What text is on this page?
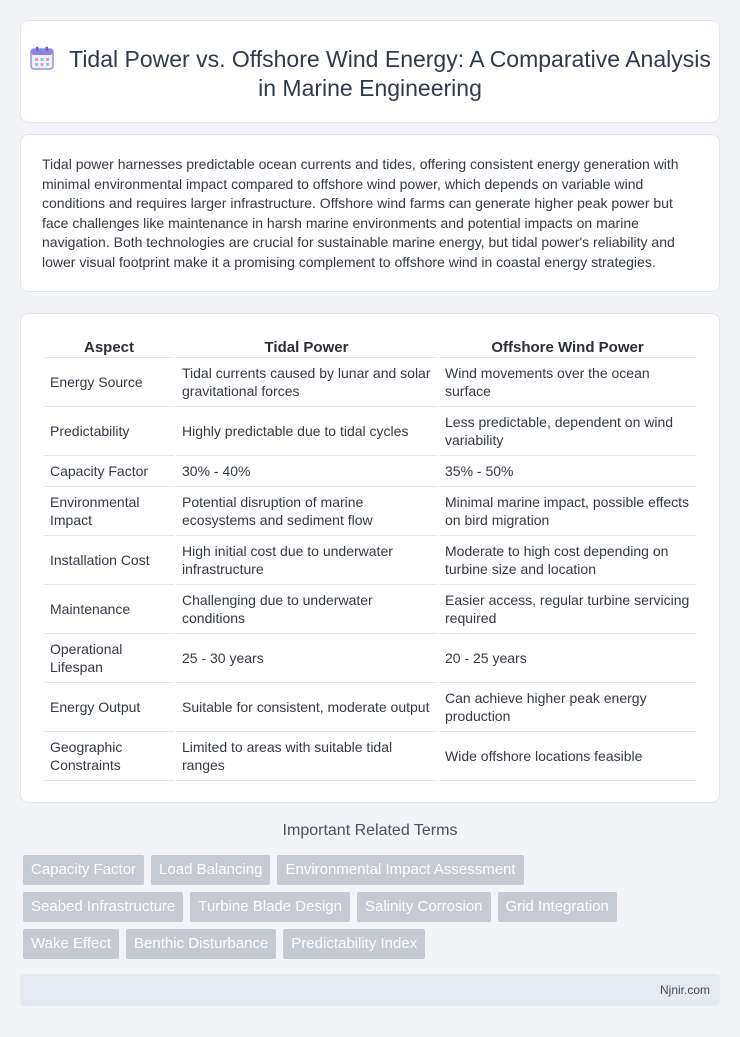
Tidal Power vs. Offshore Wind Energy: A Comparative Analysis in Marine Engineering

Tidal power harnesses predictable ocean currents and tides, offering consistent energy generation with minimal environmental impact compared to offshore wind power, which depends on variable wind conditions and requires larger infrastructure. Offshore wind farms can generate higher peak power but face challenges like maintenance in harsh marine environments and potential impacts on marine navigation. Both technologies are crucial for sustainable marine energy, but tidal power's reliability and lower visual footprint make it a promising complement to offshore wind in coastal energy strategies.

Aspect	Tidal Power	Offshore Wind Power
Energy Source	Tidal currents caused by lunar and solar gravitational forces	Wind movements over the ocean surface
Predictability	Highly predictable due to tidal cycles	Less predictable, dependent on wind variability
Capacity Factor	30% - 40%	35% - 50%
Environmental Impact	Potential disruption of marine ecosystems and sediment flow	Minimal marine impact, possible effects on bird migration
Installation Cost	High initial cost due to underwater infrastructure	Moderate to high cost depending on turbine size and location
Maintenance	Challenging due to underwater conditions	Easier access, regular turbine servicing required
Operational Lifespan	25 - 30 years	20 - 25 years
Energy Output	Suitable for consistent, moderate output	Can achieve higher peak energy production
Geographic Constraints	Limited to areas with suitable tidal ranges	Wide offshore locations feasible
Important Related Terms
Capacity Factor	Load Balancing	Environmental Impact Assessment
Seabed Infrastructure	Turbine Blade Design	Salinity Corrosion	Grid Integration
Wake Effect	Benthic Disturbance	Predictability Index
Njnir.com
